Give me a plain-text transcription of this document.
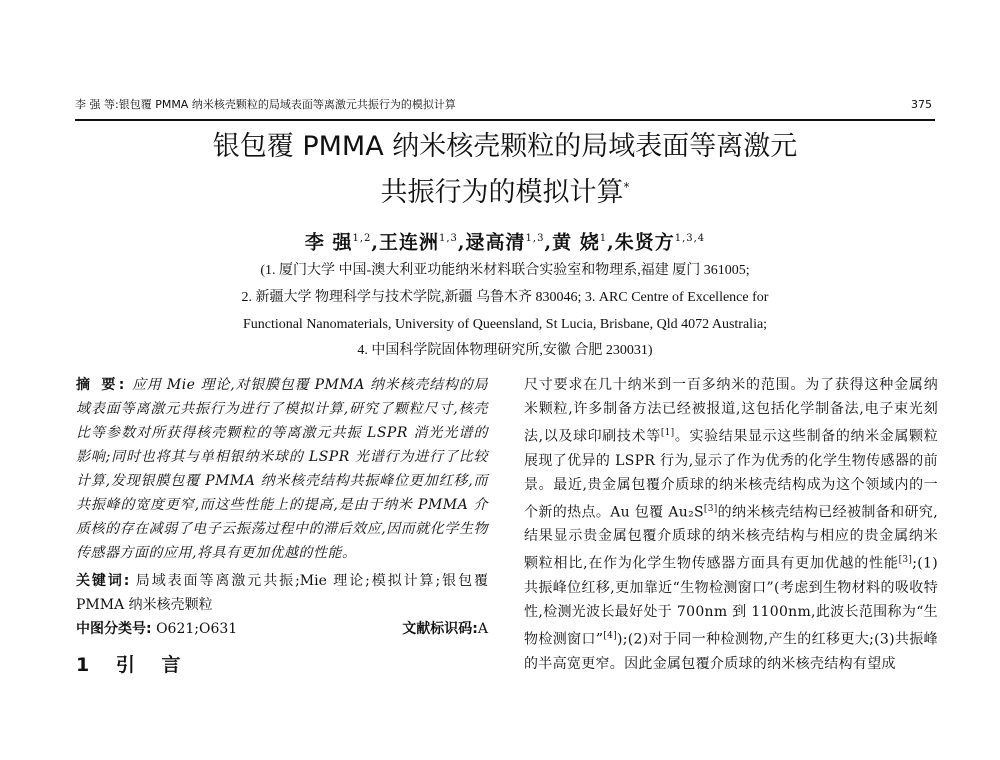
李 强 等:银包覆 PMMA 纳米核壳颗粒的局域表面等离激元共振行为的模拟计算	375
银包覆 PMMA 纳米核壳颗粒的局域表面等离激元
共振行为的模拟计算*
李 强$^{1,2}$,王连洲$^{1,3}$,逯高清$^{1,3}$,黄 娆$^1$,朱贤方$^{1,3,4}$
(1. 厦门大学 中国-澳大利亚功能纳米材料联合实验室和物理系,福建 厦门 361005;
2. 新疆大学 物理科学与技术学院,新疆 乌鲁木齐 830046; 3. ARC Centre of Excellence for
Functional Nanomaterials, University of Queensland, St Lucia, Brisbane, Qld 4072 Australia;
4. 中国科学院固体物理研究所,安徽 合肥 230031)

摘 要: 应用 Mie 理论,对银膜包覆 PMMA 纳米核壳结构的局域表面等离激元共振行为进行了模拟计算,研究了颗粒尺寸,核壳比等参数对所获得核壳颗粒的等离激元共振 LSPR 消光光谱的影响;同时也将其与单相银纳米球的 LSPR 光谱行为进行了比较计算,发现银膜包覆 PMMA 纳米核壳结构共振峰位更加红移,而共振峰的宽度更窄,而这些性能上的提高,是由于纳米 PMMA 介质核的存在减弱了电子云振荡过程中的滞后效应,因而就化学生物传感器方面的应用,将具有更加优越的性能。

关键词: 局域表面等离激元共振;Mie 理论;模拟计算;银包覆 PMMA 纳米核壳颗粒

中图分类号: O621;O631	文献标识码:A
1 引 言

尺寸要求在几十纳米到一百多纳米的范围。为了获得这种金属纳米颗粒,许多制备方法已经被报道,这包括化学制备法,电子束光刻法,以及球印刷技术等[1]。实验结果显示这些制备的纳米金属颗粒展现了优异的 LSPR 行为,显示了作为优秀的化学生物传感器的前景。最近,贵金属包覆介质球的纳米核壳结构成为这个领域内的一个新的热点。Au 包覆 Au₂S[3]的纳米核壳结构已经被制备和研究,结果显示贵金属包覆介质球的纳米核壳结构与相应的贵金属纳米颗粒相比,在作为化学生物传感器方面具有更加优越的性能[3];(1)共振峰位红移,更加靠近“生物检测窗口”(考虑到生物材料的吸收特性,检测光波长最好处于 700nm 到 1100nm,此波长范围称为“生物检测窗口”[4]);(2)对于同一种检测物,产生的红移更大;(3)共振峰的半高宽更窄。因此金属包覆介质球的纳米核壳结构有望成
